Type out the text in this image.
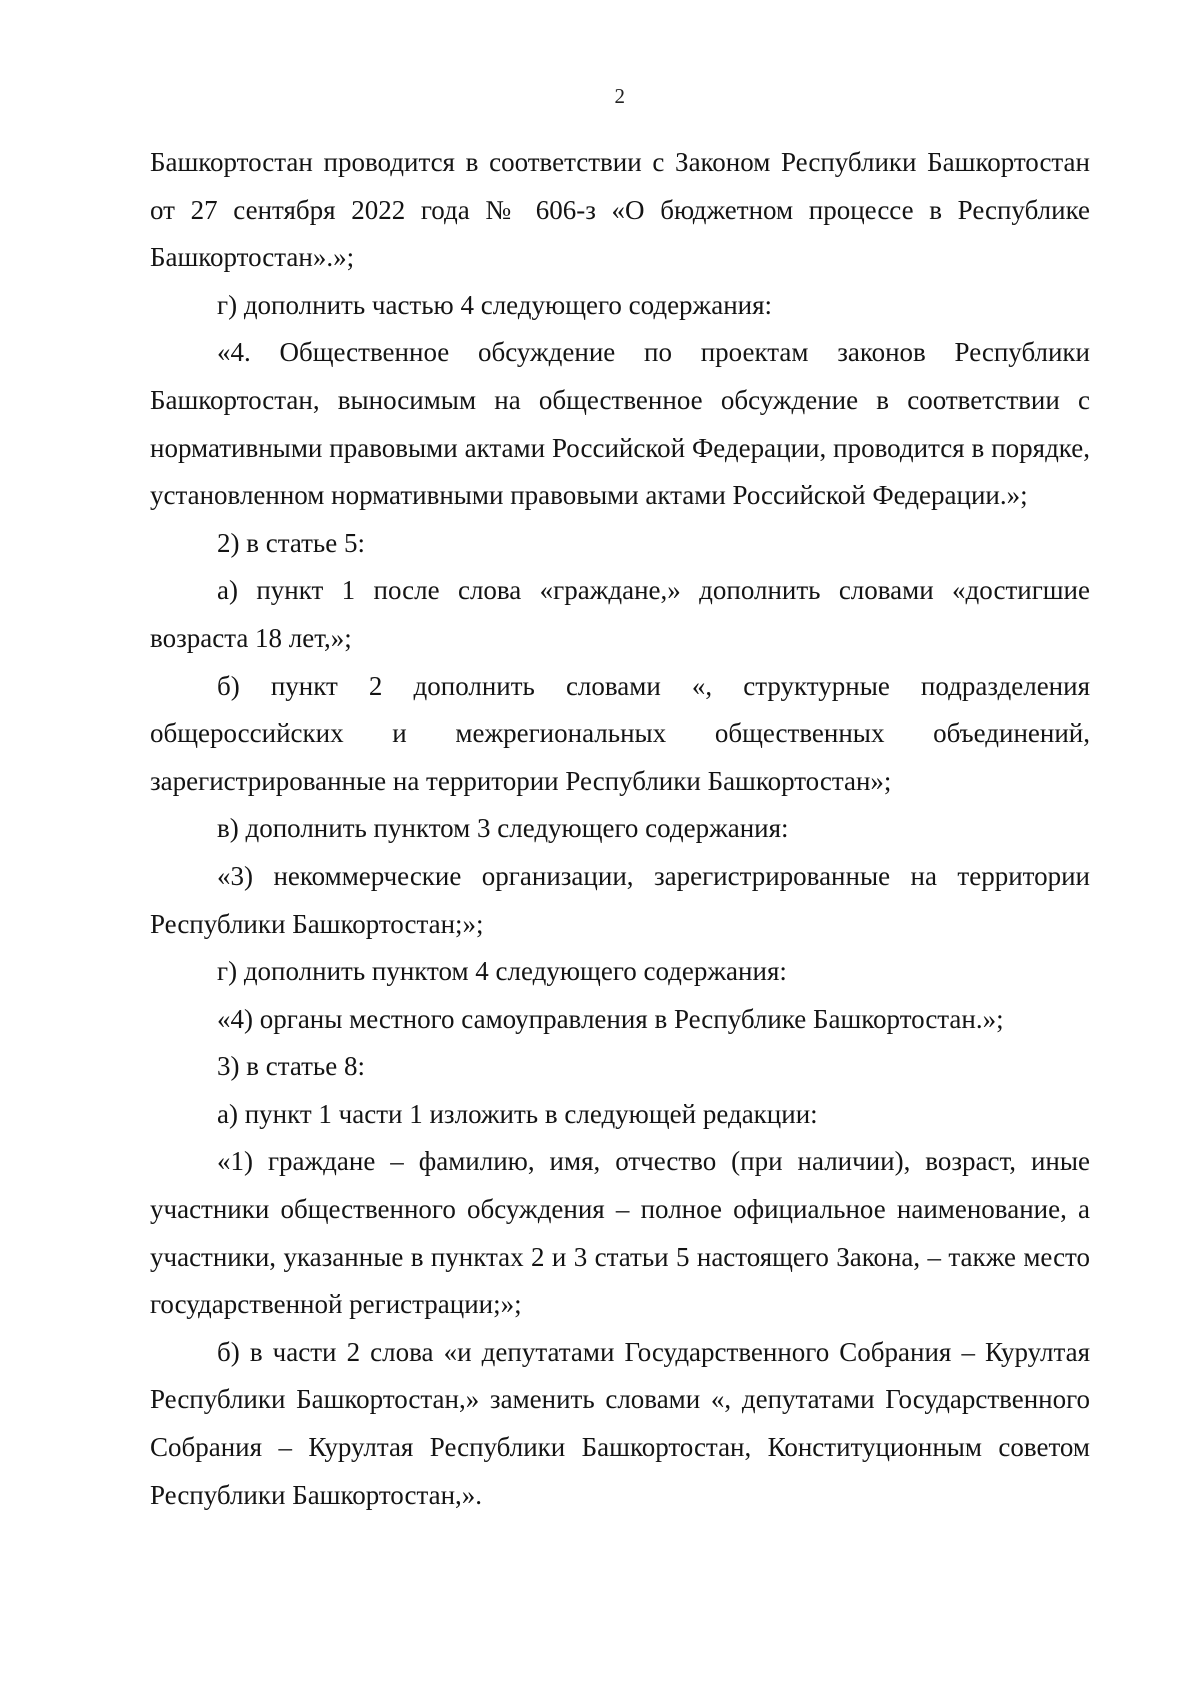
2

Башкортостан проводится в соответствии с Законом Республики Башкортостан от 27 сентября 2022 года № 606-з «О бюджетном процессе в Республике Башкортостан».»;

г) дополнить частью 4 следующего содержания:

«4. Общественное обсуждение по проектам законов Республики Башкортостан, выносимым на общественное обсуждение в соответствии с нормативными правовыми актами Российской Федерации, проводится в порядке, установленном нормативными правовыми актами Российской Федерации.»;

2) в статье 5:

а) пункт 1 после слова «граждане,» дополнить словами «достигшие возраста 18 лет,»;

б) пункт 2 дополнить словами «, структурные подразделения общероссийских и межрегиональных общественных объединений, зарегистрированные на территории Республики Башкортостан»;

в) дополнить пунктом 3 следующего содержания:

«3) некоммерческие организации, зарегистрированные на территории Республики Башкортостан;»;

г) дополнить пунктом 4 следующего содержания:

«4) органы местного самоуправления в Республике Башкортостан.»;

3) в статье 8:

а) пункт 1 части 1 изложить в следующей редакции:

«1) граждане – фамилию, имя, отчество (при наличии), возраст, иные участники общественного обсуждения – полное официальное наименование, а участники, указанные в пунктах 2 и 3 статьи 5 настоящего Закона, – также место государственной регистрации;»;

б) в части 2 слова «и депутатами Государственного Собрания – Курултая Республики Башкортостан,» заменить словами «, депутатами Государственного Собрания – Курултая Республики Башкортостан, Конституционным советом Республики Башкортостан,».
